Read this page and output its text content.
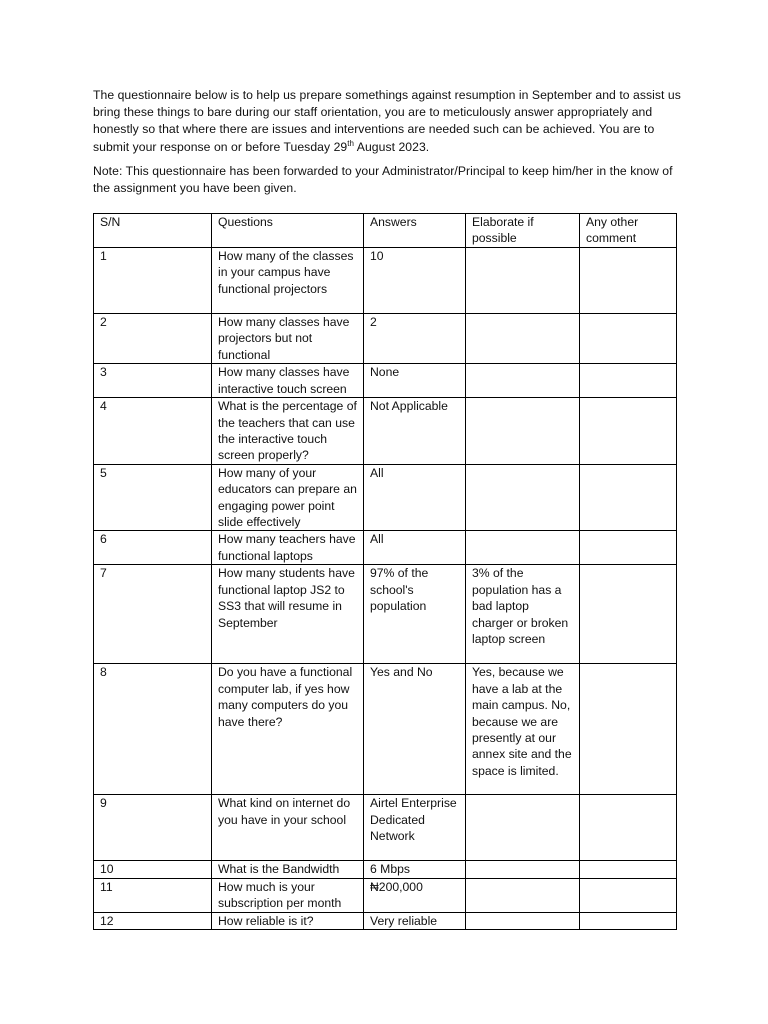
The questionnaire below is to help us prepare somethings against resumption in September and to assist us bring these things to bare during our staff orientation, you are to meticulously answer appropriately and honestly so that where there are issues and interventions are needed such can be achieved. You are to submit your response on or before Tuesday 29th August 2023.

Note: This questionnaire has been forwarded to your Administrator/Principal to keep him/her in the know of the assignment you have been given.

S/N	Questions	Answers	Elaborate if possible	Any other comment
1	How many of the classes in your campus have functional projectors	10		
2	How many classes have projectors but not functional	2		
3	How many classes have interactive touch screen	None		
4	What is the percentage of the teachers that can use the interactive touch screen properly?	Not Applicable		
5	How many of your educators can prepare an engaging power point slide effectively	All		
6	How many teachers have functional laptops	All		
7	How many students have functional laptop JS2 to SS3 that will resume in September	97% of the school's population	3% of the population has a bad laptop charger or broken laptop screen	
8	Do you have a functional computer lab, if yes how many computers do you have there?	Yes and No	Yes, because we have a lab at the main campus. No, because we are presently at our annex site and the space is limited.	
9	What kind on internet do you have in your school	Airtel Enterprise Dedicated Network		
10	What is the Bandwidth	6 Mbps		
11	How much is your subscription per month	₦200,000		
12	How reliable is it?	Very reliable		
